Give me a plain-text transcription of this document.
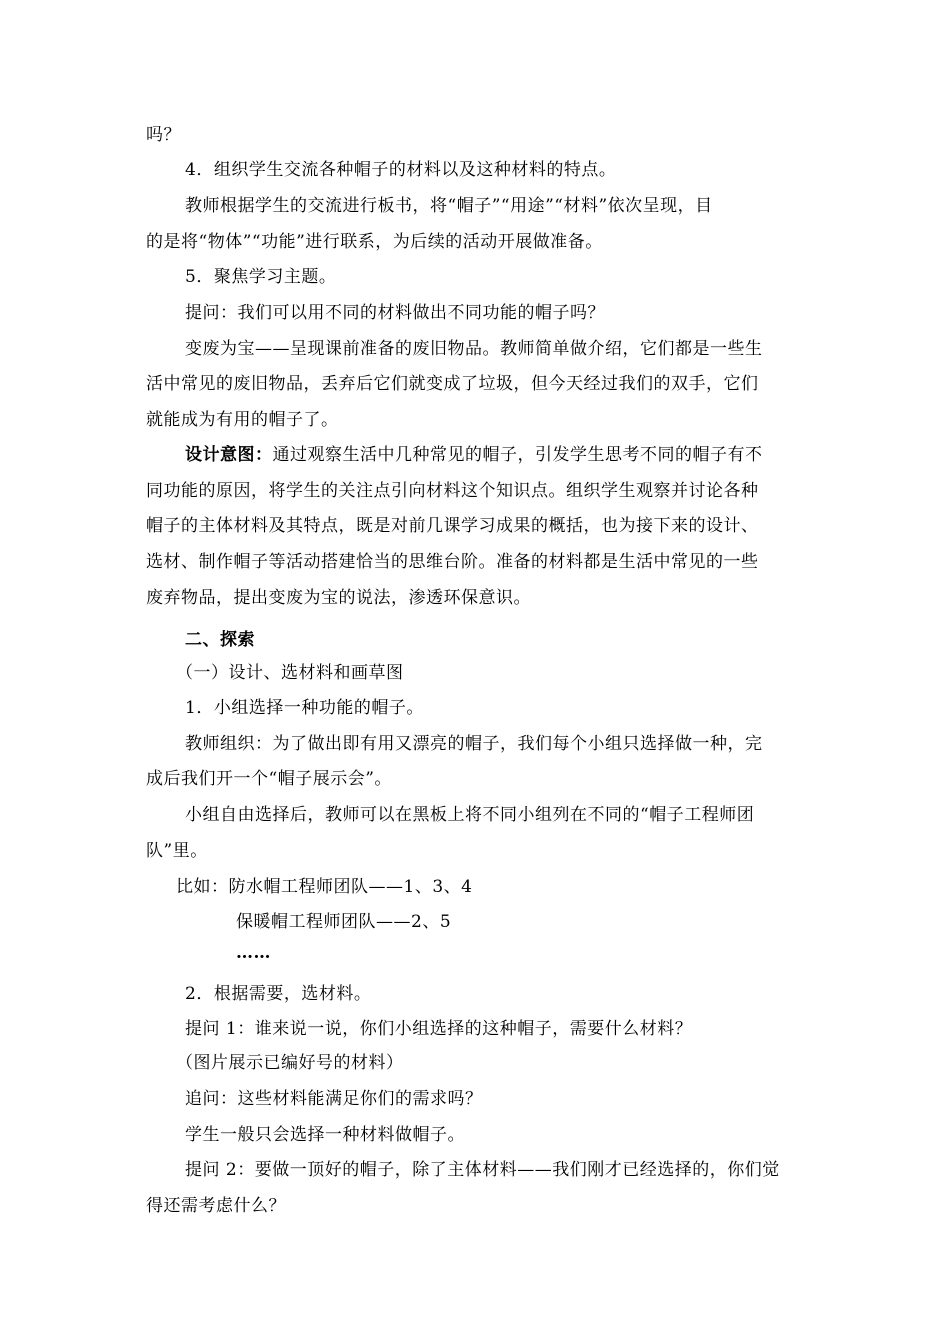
吗？
4．组织学生交流各种帽子的材料以及这种材料的特点。
教师根据学生的交流进行板书，将“帽子”“用途”“材料”依次呈现，目
的是将“物体”“功能”进行联系，为后续的活动开展做准备。
5．聚焦学习主题。
提问：我们可以用不同的材料做出不同功能的帽子吗？
变废为宝——呈现课前准备的废旧物品。教师简单做介绍，它们都是一些生
活中常见的废旧物品，丢弃后它们就变成了垃圾，但今天经过我们的双手，它们
就能成为有用的帽子了。
设计意图：通过观察生活中几种常见的帽子，引发学生思考不同的帽子有不
同功能的原因，将学生的关注点引向材料这个知识点。组织学生观察并讨论各种
帽子的主体材料及其特点，既是对前几课学习成果的概括，也为接下来的设计、
选材、制作帽子等活动搭建恰当的思维台阶。准备的材料都是生活中常见的一些
废弃物品，提出变废为宝的说法，渗透环保意识。
二、探索
（一）设计、选材料和画草图
1．小组选择一种功能的帽子。
教师组织：为了做出即有用又漂亮的帽子，我们每个小组只选择做一种，完
成后我们开一个“帽子展示会”。
小组自由选择后，教师可以在黑板上将不同小组列在不同的“帽子工程师团
队”里。
比如：防水帽工程师团队——1、3、4
保暖帽工程师团队——2、5
……
2．根据需要，选材料。
提问 1：谁来说一说，你们小组选择的这种帽子，需要什么材料？
（图片展示已编好号的材料）
追问：这些材料能满足你们的需求吗？
学生一般只会选择一种材料做帽子。
提问 2：要做一顶好的帽子，除了主体材料——我们刚才已经选择的，你们觉
得还需考虑什么？
